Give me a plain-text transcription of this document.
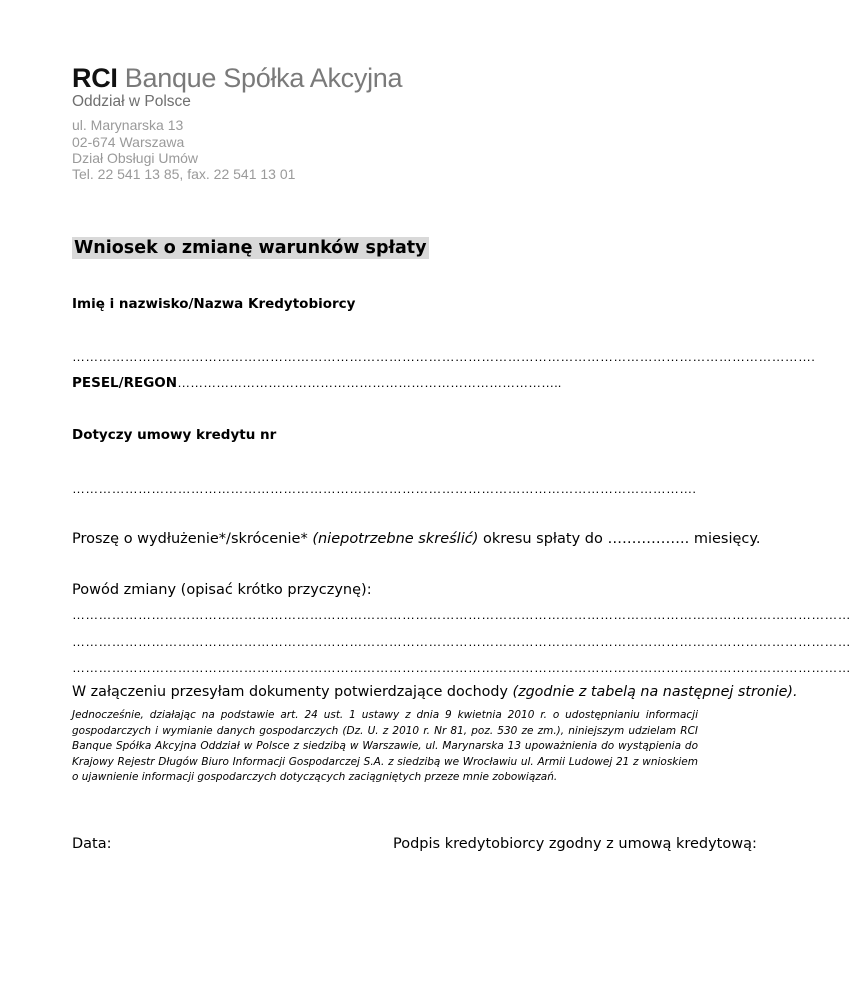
RCI Banque Spółka Akcyjna
Oddział w Polsce
ul. Marynarska 13
02-674 Warszawa
Dział Obsługi Umów
Tel. 22 541 13 85, fax. 22 541 13 01
Wniosek o zmianę warunków spłaty
Imię i nazwisko/Nazwa Kredytobiorcy
…………………………………………………………………………………………………………………………………………………….
PESEL/REGON……………………………………………………………………………..
Dotyczy umowy kredytu nr
…………………………………………………………………………………………………………………………….
Proszę o wydłużenie*/skrócenie* (niepotrzebne skreślić) okresu spłaty do …………….. miesięcy.
Powód zmiany (opisać krótko przyczynę):
……………………………………………………………………………………………………………………………………………………………
……………………………………………………………………………………………………………………………………………………………
……………………………………………………………………………………………………………………………………………………………
W załączeniu przesyłam dokumenty potwierdzające dochody (zgodnie z tabelą na następnej stronie).
Jednocześnie, działając na podstawie art. 24 ust. 1 ustawy z dnia 9 kwietnia 2010 r. o udostępnianiu informacji gospodarczych i wymianie danych gospodarczych (Dz. U. z 2010 r. Nr 81, poz. 530 ze zm.), niniejszym udzielam RCI Banque Spółka Akcyjna Oddział w Polsce z siedzibą w Warszawie, ul. Marynarska 13 upoważnienia do wystąpienia do Krajowy Rejestr Długów Biuro Informacji Gospodarczej S.A. z siedzibą we Wrocławiu ul. Armii Ludowej 21 z wnioskiem o ujawnienie informacji gospodarczych dotyczących zaciągniętych przeze mnie zobowiązań.
Data:	Podpis kredytobiorcy zgodny z umową kredytową:
